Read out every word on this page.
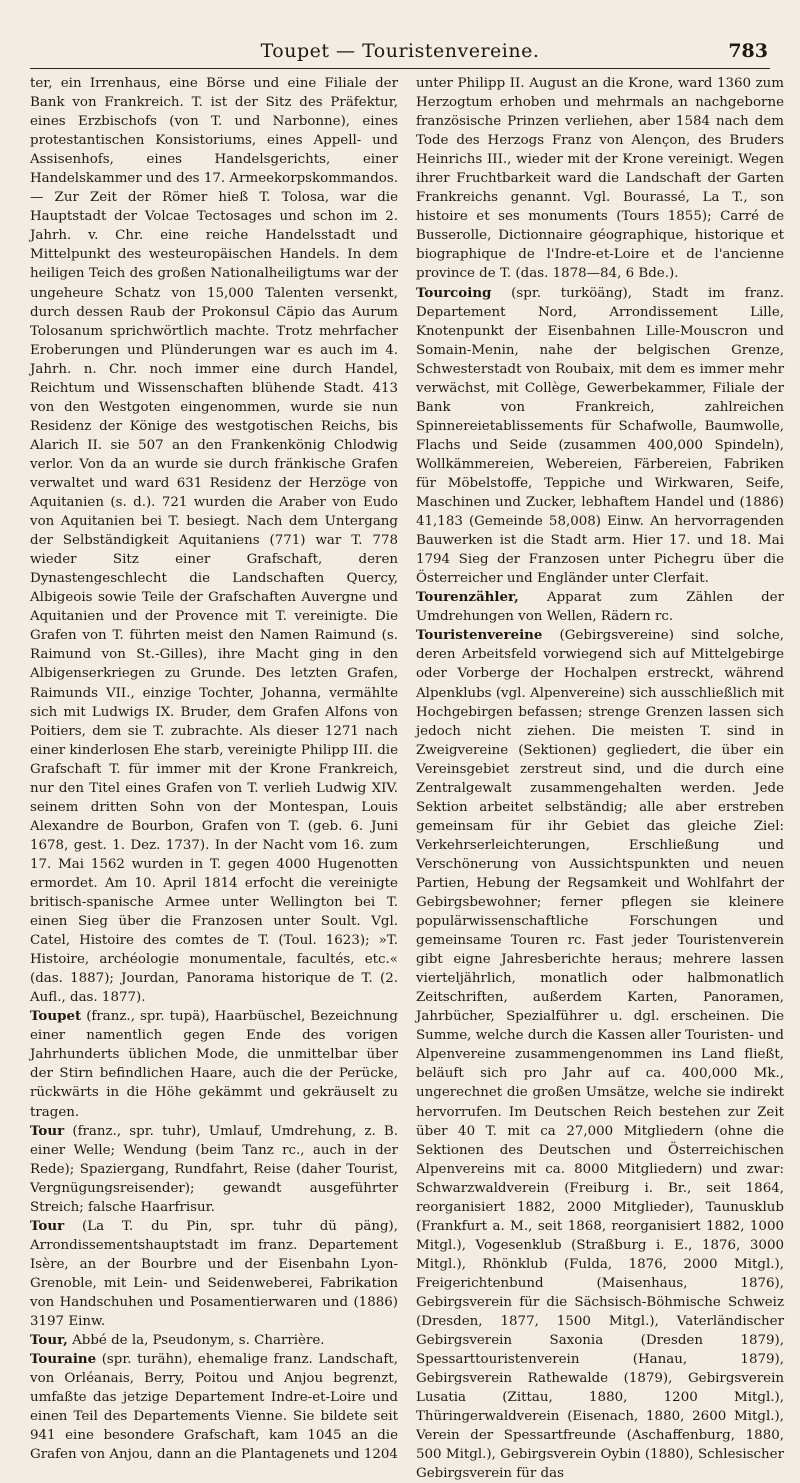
Toupet — Touristenvereine.	783

ter, ein Irrenhaus, eine Börse und eine Filiale der Bank von Frankreich. T. ist der Sitz des Präfektur, eines Erzbischofs (von T. und Narbonne), eines protestantischen Konsistoriums, eines Appell- und Assisenhofs, eines Handelsgerichts, einer Handelskammer und des 17. Armeekorpskommandos.— Zur Zeit der Römer hieß T. Tolosa, war die Hauptstadt der Volcae Tectosages und schon im 2. Jahrh. v. Chr. eine reiche Handelsstadt und Mittelpunkt des westeuropäischen Handels. In dem heiligen Teich des großen Nationalheiligtums war der ungeheure Schatz von 15,000 Talenten versenkt, durch dessen Raub der Prokonsul Cäpio das Aurum Tolosanum sprichwörtlich machte. Trotz mehrfacher Eroberungen und Plünderungen war es auch im 4. Jahrh. n. Chr. noch immer eine durch Handel, Reichtum und Wissenschaften blühende Stadt. 413 von den Westgoten eingenommen, wurde sie nun Residenz der Könige des westgotischen Reichs, bis Alarich II. sie 507 an den Frankenkönig Chlodwig verlor. Von da an wurde sie durch fränkische Grafen verwaltet und ward 631 Residenz der Herzöge von Aquitanien (s. d.). 721 wurden die Araber von Eudo von Aquitanien bei T. besiegt. Nach dem Untergang der Selbständigkeit Aquitaniens (771) war T. 778 wieder Sitz einer Grafschaft, deren Dynastengeschlecht die Landschaften Quercy, Albigeois sowie Teile der Grafschaften Auvergne und Aquitanien und der Provence mit T. vereinigte. Die Grafen von T. führten meist den Namen Raimund (s. Raimund von St.-Gilles), ihre Macht ging in den Albigenserkriegen zu Grunde. Des letzten Grafen, Raimunds VII., einzige Tochter, Johanna, vermählte sich mit Ludwigs IX. Bruder, dem Grafen Alfons von Poitiers, dem sie T. zubrachte. Als dieser 1271 nach einer kinderlosen Ehe starb, vereinigte Philipp III. die Grafschaft T. für immer mit der Krone Frankreich, nur den Titel eines Grafen von T. verlieh Ludwig XIV. seinem dritten Sohn von der Montespan, Louis Alexandre de Bourbon, Grafen von T. (geb. 6. Juni 1678, gest. 1. Dez. 1737). In der Nacht vom 16. zum 17. Mai 1562 wurden in T. gegen 4000 Hugenotten ermordet. Am 10. April 1814 erfocht die vereinigte britisch-spanische Armee unter Wellington bei T. einen Sieg über die Franzosen unter Soult. Vgl. Catel, Histoire des comtes de T. (Toul. 1623); »T. Histoire, archéologie monumentale, facultés, etc.« (das. 1887); Jourdan, Panorama historique de T. (2. Aufl., das. 1877).

Toupet (franz., spr. tupä), Haarbüschel, Bezeichnung einer namentlich gegen Ende des vorigen Jahrhunderts üblichen Mode, die unmittelbar über der Stirn befindlichen Haare, auch die der Perücke, rückwärts in die Höhe gekämmt und gekräuselt zu tragen.

Tour (franz., spr. tuhr), Umlauf, Umdrehung, z. B. einer Welle; Wendung (beim Tanz rc., auch in der Rede); Spaziergang, Rundfahrt, Reise (daher Tourist, Vergnügungsreisender); gewandt ausgeführter Streich; falsche Haarfrisur.

Tour (La T. du Pin, spr. tuhr dü päng), Arrondissementshauptstadt im franz. Departement Isère, an der Bourbre und der Eisenbahn Lyon-Grenoble, mit Lein- und Seidenweberei, Fabrikation von Handschuhen und Posamentierwaren und (1886) 3197 Einw.

Tour, Abbé de la, Pseudonym, s. Charrière.

Touraine (spr. turähn), ehemalige franz. Landschaft, von Orléanais, Berry, Poitou und Anjou begrenzt, umfaßte das jetzige Departement Indre-et-Loire und einen Teil des Departements Vienne. Sie bildete seit 941 eine besondere Grafschaft, kam 1045 an die Grafen von Anjou, dann an die Plantagenets und 1204

unter Philipp II. August an die Krone, ward 1360 zum Herzogtum erhoben und mehrmals an nachgeborne französische Prinzen verliehen, aber 1584 nach dem Tode des Herzogs Franz von Alençon, des Bruders Heinrichs III., wieder mit der Krone vereinigt. Wegen ihrer Fruchtbarkeit ward die Landschaft der Garten Frankreichs genannt. Vgl. Bourassé, La T., son histoire et ses monuments (Tours 1855); Carré de Busserolle, Dictionnaire géographique, historique et biographique de l'Indre-et-Loire et de l'ancienne province de T. (das. 1878—84, 6 Bde.).

Tourcoing (spr. turköäng), Stadt im franz. Departement Nord, Arrondissement Lille, Knotenpunkt der Eisenbahnen Lille-Mouscron und Somain-Menin, nahe der belgischen Grenze, Schwesterstadt von Roubaix, mit dem es immer mehr verwächst, mit Collège, Gewerbekammer, Filiale der Bank von Frankreich, zahlreichen Spinnereietablissements für Schafwolle, Baumwolle, Flachs und Seide (zusammen 400,000 Spindeln), Wollkämmereien, Webereien, Färbereien, Fabriken für Möbelstoffe, Teppiche und Wirkwaren, Seife, Maschinen und Zucker, lebhaftem Handel und (1886) 41,183 (Gemeinde 58,008) Einw. An hervorragenden Bauwerken ist die Stadt arm. Hier 17. und 18. Mai 1794 Sieg der Franzosen unter Pichegru über die Österreicher und Engländer unter Clerfait.

Tourenzähler, Apparat zum Zählen der Umdrehungen von Wellen, Rädern rc.

Touristenvereine (Gebirgsvereine) sind solche, deren Arbeitsfeld vorwiegend sich auf Mittelgebirge oder Vorberge der Hochalpen erstreckt, während Alpenklubs (vgl. Alpenvereine) sich ausschließlich mit Hochgebirgen befassen; strenge Grenzen lassen sich jedoch nicht ziehen. Die meisten T. sind in Zweigvereine (Sektionen) gegliedert, die über ein Vereinsgebiet zerstreut sind, und die durch eine Zentralgewalt zusammengehalten werden. Jede Sektion arbeitet selbständig; alle aber erstreben gemeinsam für ihr Gebiet das gleiche Ziel: Verkehrserleichterungen, Erschließung und Verschönerung von Aussichtspunkten und neuen Partien, Hebung der Regsamkeit und Wohlfahrt der Gebirgsbewohner; ferner pflegen sie kleinere populärwissenschaftliche Forschungen und gemeinsame Touren rc. Fast jeder Touristenverein gibt eigne Jahresberichte heraus; mehrere lassen vierteljährlich, monatlich oder halbmonatlich Zeitschriften, außerdem Karten, Panoramen, Jahrbücher, Spezialführer u. dgl. erscheinen. Die Summe, welche durch die Kassen aller Touristen- und Alpenvereine zusammengenommen ins Land fließt, beläuft sich pro Jahr auf ca. 400,000 Mk., ungerechnet die großen Umsätze, welche sie indirekt hervorrufen. Im Deutschen Reich bestehen zur Zeit über 40 T. mit ca 27,000 Mitgliedern (ohne die Sektionen des Deutschen und Österreichischen Alpenvereins mit ca. 8000 Mitgliedern) und zwar: Schwarzwaldverein (Freiburg i. Br., seit 1864, reorganisiert 1882, 2000 Mitglieder), Taunusklub (Frankfurt a. M., seit 1868, reorganisiert 1882, 1000 Mitgl.), Vogesenklub (Straßburg i. E., 1876, 3000 Mitgl.), Rhönklub (Fulda, 1876, 2000 Mitgl.), Freigerichtenbund (Maisenhaus, 1876), Gebirgsverein für die Sächsisch-Böhmische Schweiz (Dresden, 1877, 1500 Mitgl.), Vaterländischer Gebirgsverein Saxonia (Dresden 1879), Spessarttouristenverein (Hanau, 1879), Gebirgsverein Rathewalde (1879), Gebirgsverein Lusatia (Zittau, 1880, 1200 Mitgl.), Thüringerwaldverein (Eisenach, 1880, 2600 Mitgl.), Verein der Spessartfreunde (Aschaffenburg, 1880, 500 Mitgl.), Gebirgsverein Oybin (1880), Schlesischer Gebirgsverein für das
